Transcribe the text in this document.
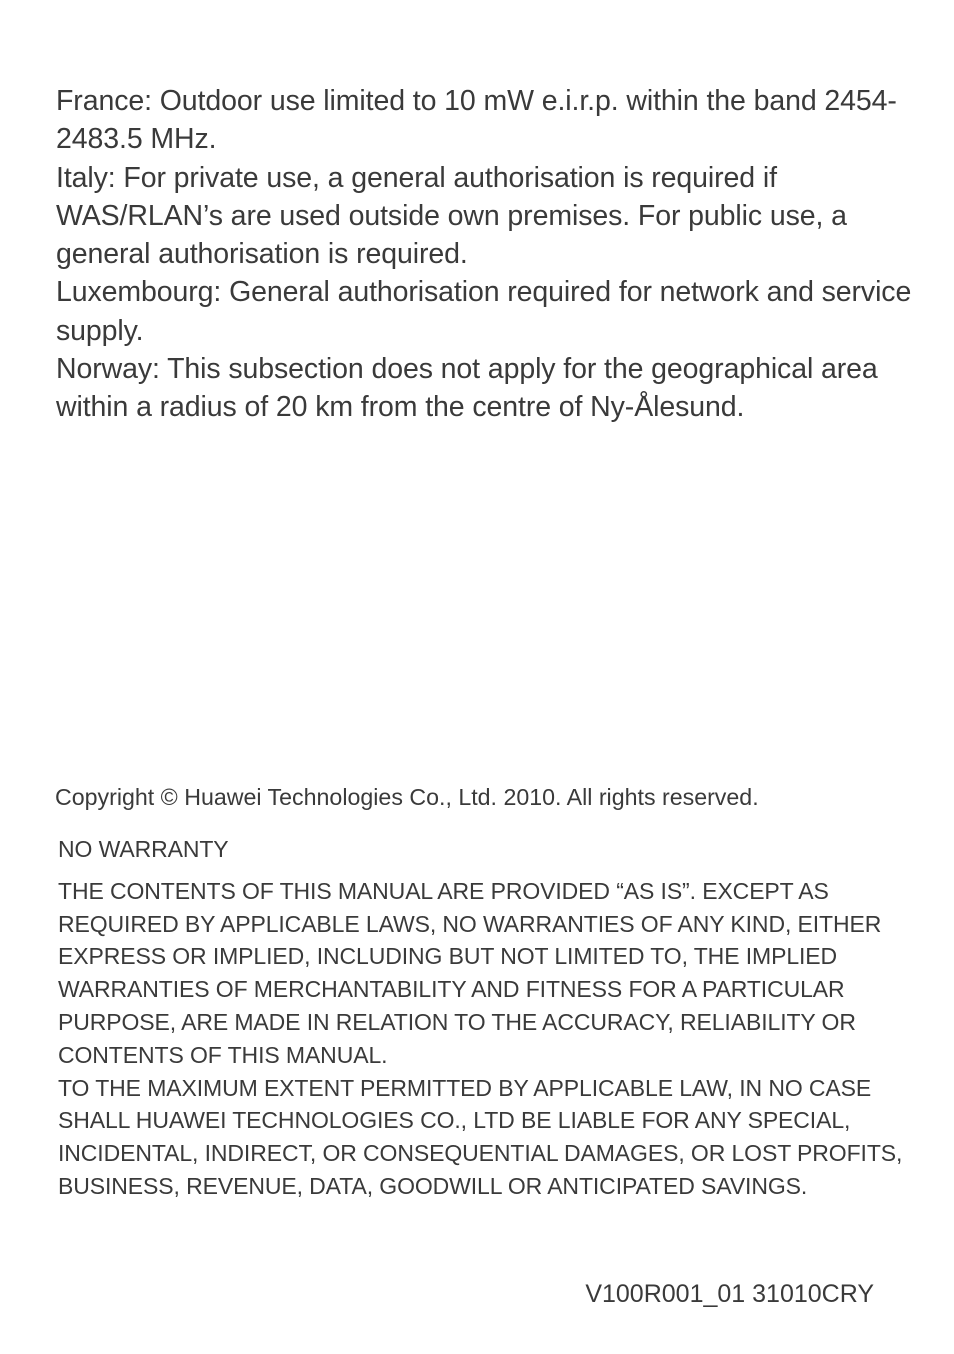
France: Outdoor use limited to 10 mW e.i.r.p. within the band 2454-2483.5 MHz.

Italy: For private use, a general authorisation is required if WAS/RLAN’s are used outside own premises. For public use, a general authorisation is required.

Luxembourg: General authorisation required for network and service supply.

Norway: This subsection does not apply for the geographical area within a radius of 20 km from the centre of Ny-Ålesund.

Copyright © Huawei Technologies Co., Ltd. 2010. All rights reserved.

NO WARRANTY

THE CONTENTS OF THIS MANUAL ARE PROVIDED “AS IS”. EXCEPT AS REQUIRED BY APPLICABLE LAWS, NO WARRANTIES OF ANY KIND, EITHER EXPRESS OR IMPLIED, INCLUDING BUT NOT LIMITED TO, THE IMPLIED WARRANTIES OF MERCHANTABILITY AND FITNESS FOR A PARTICULAR PURPOSE, ARE MADE IN RELATION TO THE ACCURACY, RELIABILITY OR CONTENTS OF THIS MANUAL.

TO THE MAXIMUM EXTENT PERMITTED BY APPLICABLE LAW, IN NO CASE SHALL HUAWEI TECHNOLOGIES CO., LTD BE LIABLE FOR ANY SPECIAL, INCIDENTAL, INDIRECT, OR CONSEQUENTIAL DAMAGES, OR LOST PROFITS, BUSINESS, REVENUE, DATA, GOODWILL OR ANTICIPATED SAVINGS.

V100R001_01 31010CRY
